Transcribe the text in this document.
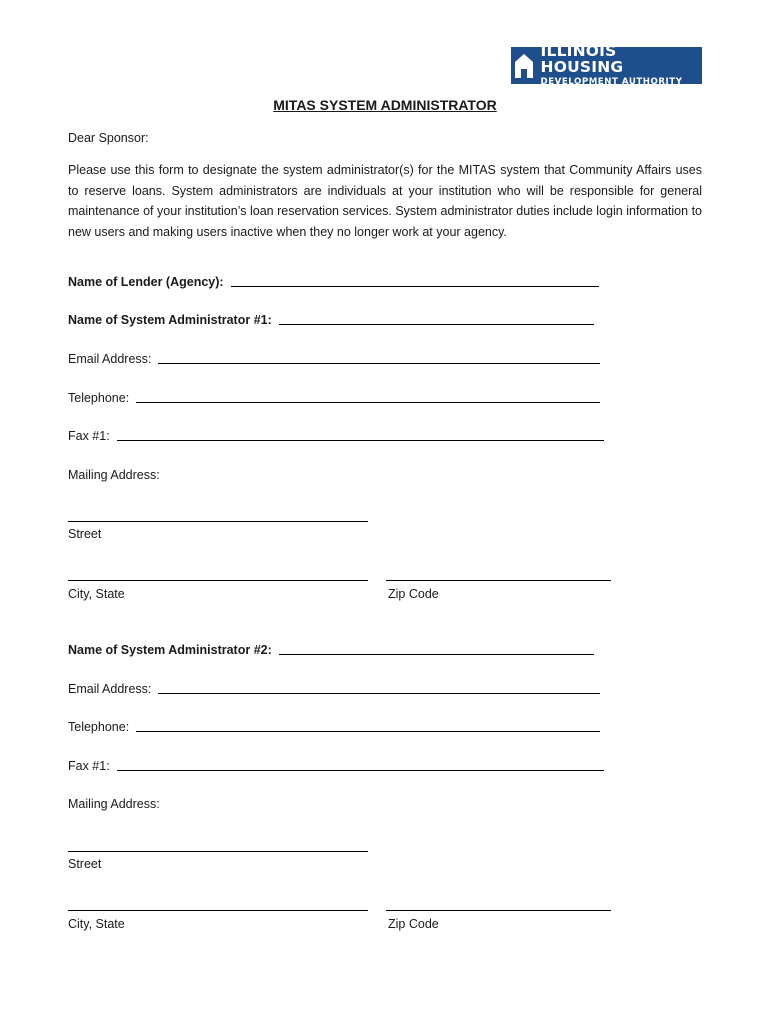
ILLINOIS HOUSING
DEVELOPMENT AUTHORITY
MITAS SYSTEM ADMINISTRATOR
Dear Sponsor:
Please use this form to designate the system administrator(s) for the MITAS system that Community Affairs uses to reserve loans. System administrators are individuals at your institution who will be responsible for general maintenance of your institution’s loan reservation services. System administrator duties include login information to new users and making users inactive when they no longer work at your agency.
Name of Lender (Agency):
Name of System Administrator #1:
Email Address:
Telephone:
Fax #1:
Mailing Address:
Street
City, State	Zip Code
Name of System Administrator #2:
Email Address:
Telephone:
Fax #1:
Mailing Address:
Street
City, State	Zip Code
